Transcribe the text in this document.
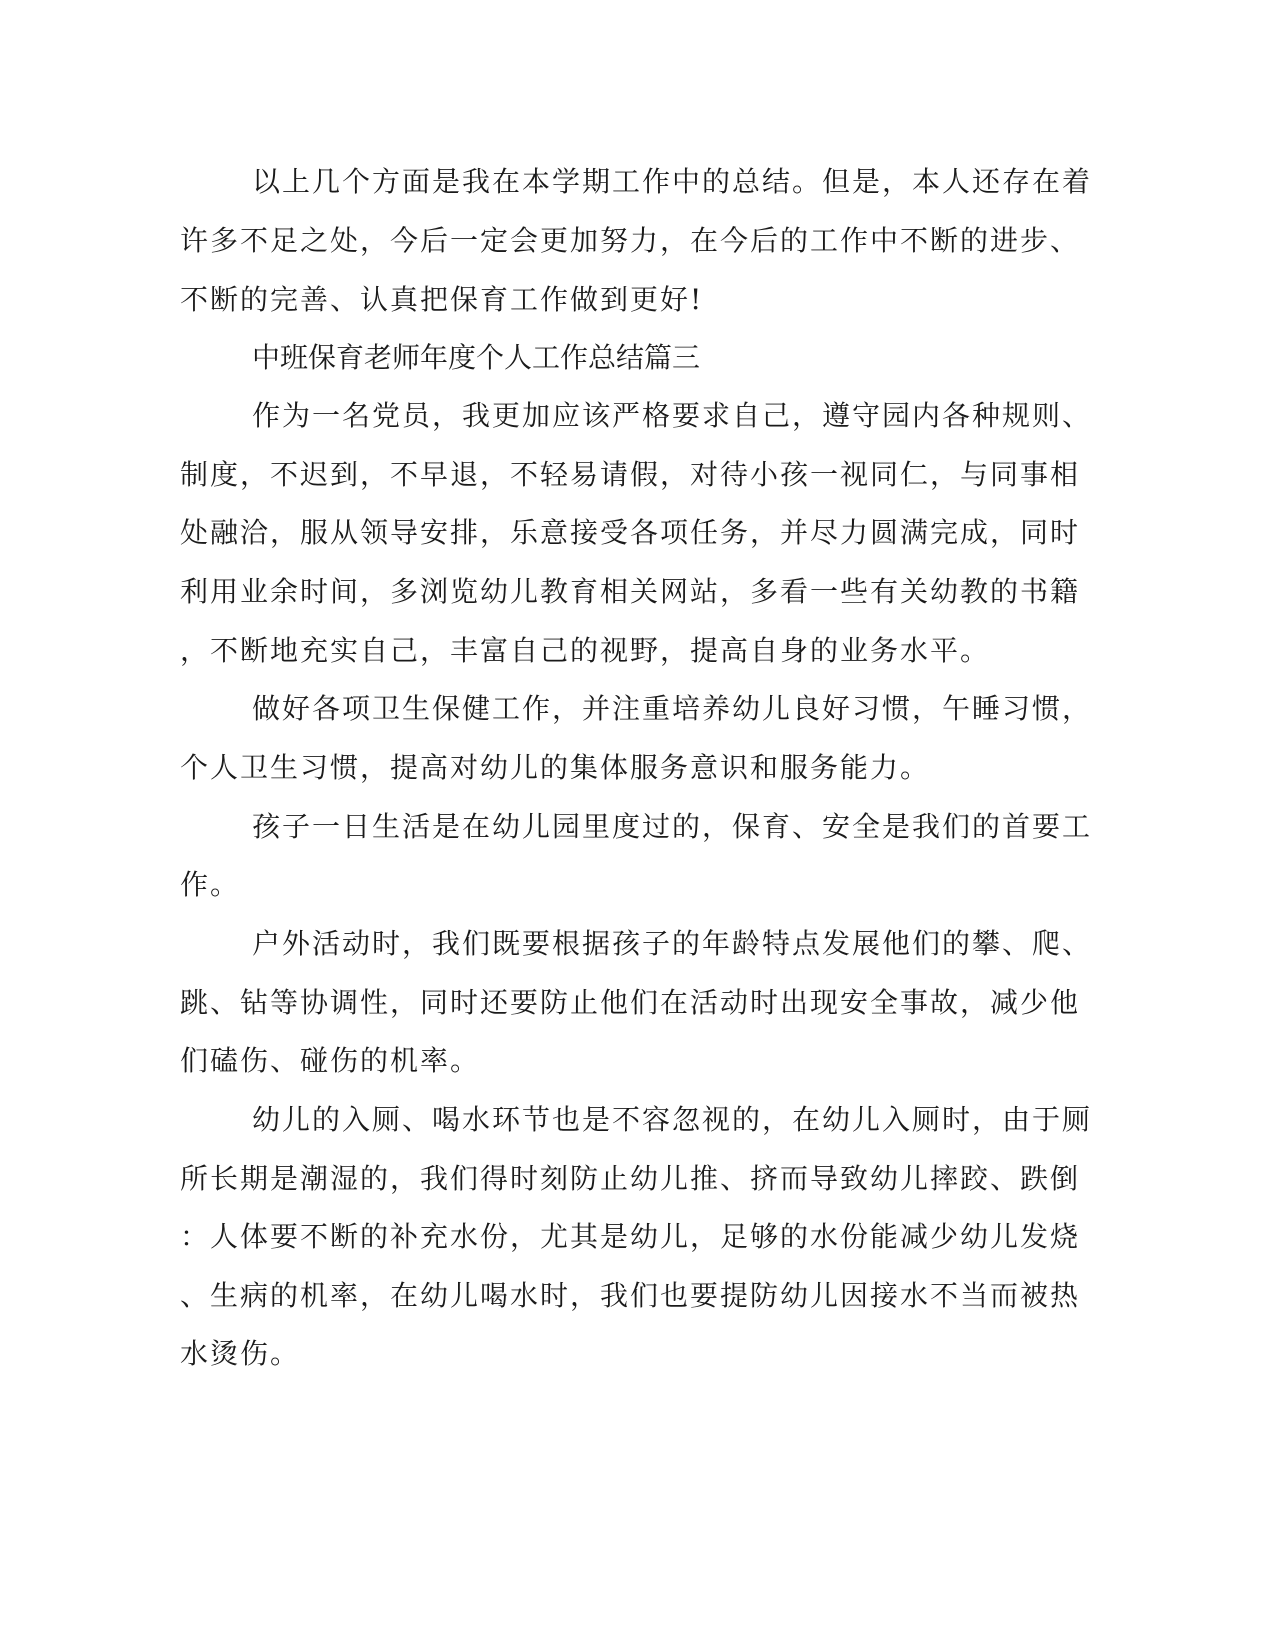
以上几个方面是我在本学期工作中的总结。但是，本人还存在着
许多不足之处，今后一定会更加努力，在今后的工作中不断的进步、
不断的完善、认真把保育工作做到更好!
中班保育老师年度个人工作总结篇三
作为一名党员，我更加应该严格要求自己，遵守园内各种规则、
制度，不迟到，不早退，不轻易请假，对待小孩一视同仁，与同事相
处融洽，服从领导安排，乐意接受各项任务，并尽力圆满完成，同时
利用业余时间，多浏览幼儿教育相关网站，多看一些有关幼教的书籍
，不断地充实自己，丰富自己的视野，提高自身的业务水平。
做好各项卫生保健工作，并注重培养幼儿良好习惯，午睡习惯，
个人卫生习惯，提高对幼儿的集体服务意识和服务能力。
孩子一日生活是在幼儿园里度过的，保育、安全是我们的首要工
作。
户外活动时，我们既要根据孩子的年龄特点发展他们的攀、爬、
跳、钻等协调性，同时还要防止他们在活动时出现安全事故，减少他
们磕伤、碰伤的机率。
幼儿的入厕、喝水环节也是不容忽视的，在幼儿入厕时，由于厕
所长期是潮湿的，我们得时刻防止幼儿推、挤而导致幼儿摔跤、跌倒
：人体要不断的补充水份，尤其是幼儿，足够的水份能减少幼儿发烧
、生病的机率，在幼儿喝水时，我们也要提防幼儿因接水不当而被热
水烫伤。
